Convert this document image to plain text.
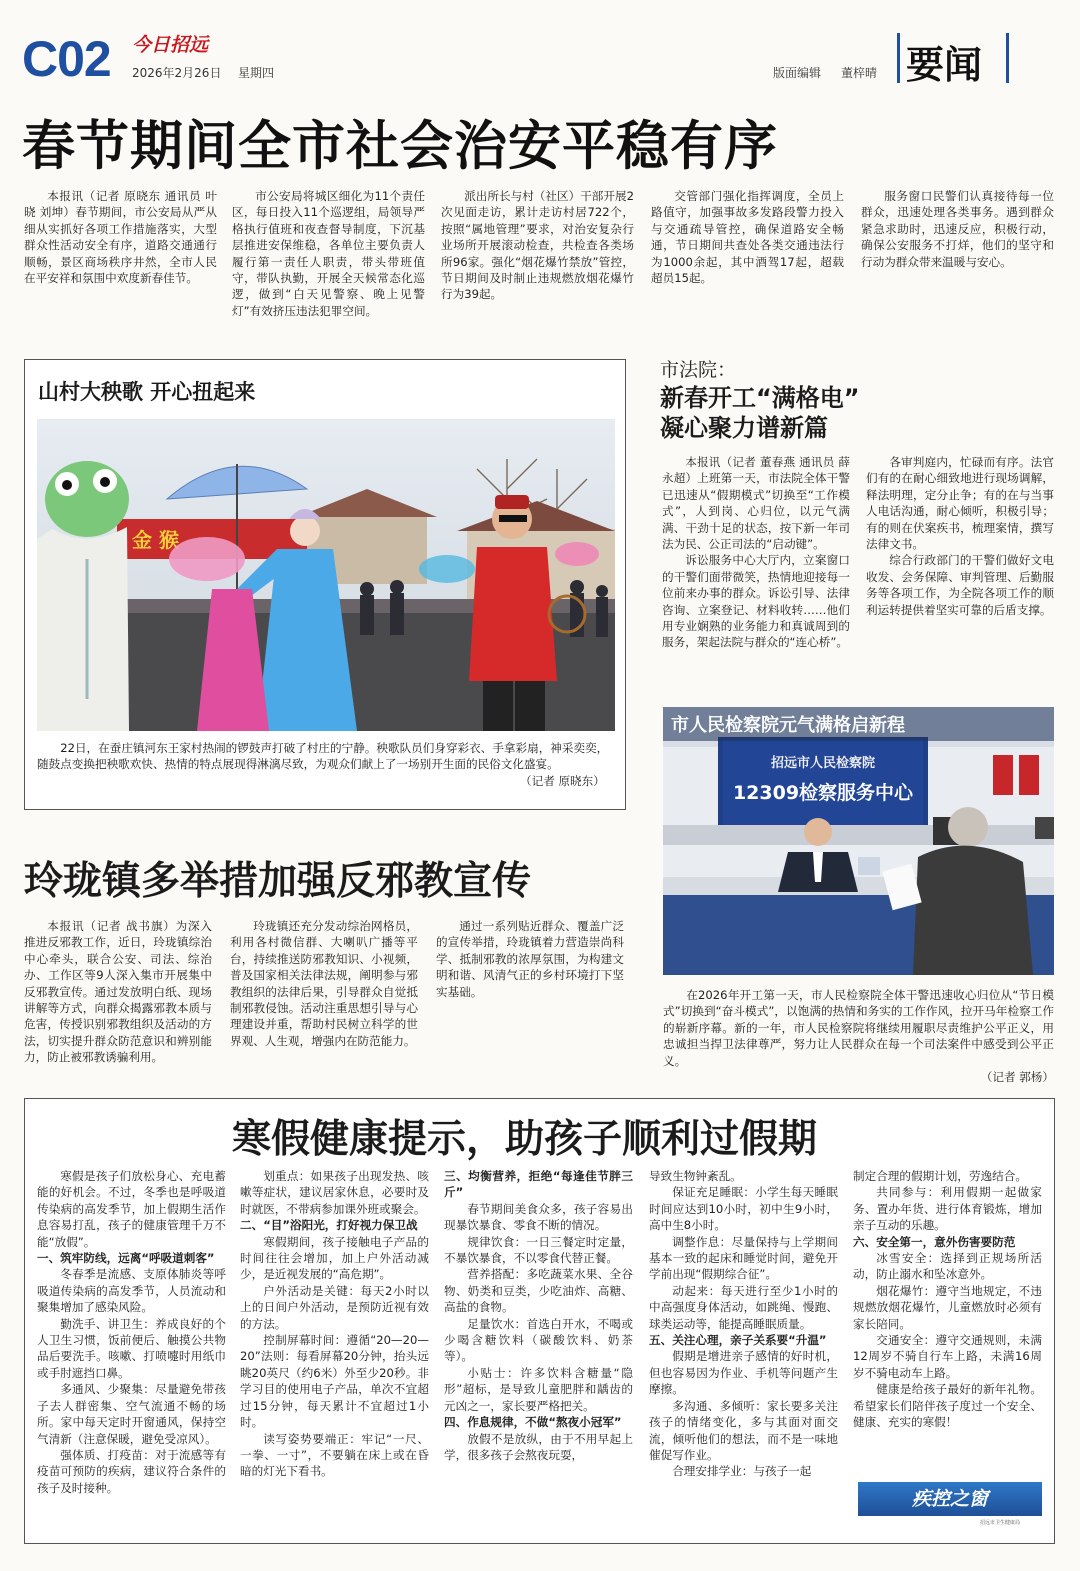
C02 今日招远
2026年2月26日 星期四	版面编辑 董梓晴 要闻
春节期间全市社会治安平稳有序

本报讯（记者 原晓东 通讯员 叶晓 刘坤）春节期间，市公安局从严从细从实抓好各项工作措施落实，大型群众性活动安全有序，道路交通通行顺畅，景区商场秩序井然，全市人民在平安祥和氛围中欢度新春佳节。

市公安局将城区细化为11个责任区，每日投入11个巡逻组，局领导严格执行值班和夜查督导制度，下沉基层推进安保维稳，各单位主要负责人履行第一责任人职责，带头带班值守，带队执勤，开展全天候常态化巡逻，做到“白天见警察、晚上见警灯”有效挤压违法犯罪空间。

派出所长与村（社区）干部开展2次见面走访，累计走访村居722个，按照“属地管理”要求，对治安复杂行业场所开展滚动检查，共检查各类场所96家。强化“烟花爆竹禁放”管控，节日期间及时制止违规燃放烟花爆竹行为39起。

交管部门强化指挥调度，全员上路值守，加强事故多发路段警力投入与交通疏导管控，确保道路安全畅通，节日期间共查处各类交通违法行为1000余起，其中酒驾17起，超载超员15起。

服务窗口民警们认真接待每一位群众，迅速处理各类事务。遇到群众紧急求助时，迅速反应，积极行动，确保公安服务不打烊，他们的坚守和行动为群众带来温暖与安心。

山村大秧歌 开心扭起来
金 猴
22日，在蚕庄镇河东王家村热闹的锣鼓声打破了村庄的宁静。秧歌队员们身穿彩衣、手拿彩扇，神采奕奕，随鼓点变换把秧歌欢快、热情的特点展现得淋漓尽致，为观众们献上了一场别开生面的民俗文化盛宴。
（记者 原晓东）
市法院：
新春开工“满格电”
凝心聚力谱新篇

本报讯（记者 董春燕 通讯员 薛永超）上班第一天，市法院全体干警已迅速从“假期模式”切换至“工作模式”，人到岗、心归位，以元气满满、干劲十足的状态，按下新一年司法为民、公正司法的“启动键”。

诉讼服务中心大厅内，立案窗口的干警们面带微笑，热情地迎接每一位前来办事的群众。诉讼引导、法律咨询、立案登记、材料收转……他们用专业娴熟的业务能力和真诚周到的服务，架起法院与群众的“连心桥”。

各审判庭内，忙碌而有序。法官们有的在耐心细致地进行现场调解，释法明理，定分止争；有的在与当事人电话沟通，耐心倾听，积极引导；有的则在伏案疾书，梳理案情，撰写法律文书。

综合行政部门的干警们做好文电收发、会务保障、审判管理、后勤服务等各项工作，为全院各项工作的顺利运转提供着坚实可靠的后盾支撑。

招远市人民检察院
12309检察服务中心
市人民检察院元气满格启新程

在2026年开工第一天，市人民检察院全体干警迅速收心归位从“节日模式”切换到“奋斗模式”，以饱满的热情和务实的工作作风，拉开马年检察工作的崭新序幕。新的一年，市人民检察院将继续用履职尽责维护公平正义，用忠诚担当捍卫法律尊严，努力让人民群众在每一个司法案件中感受到公平正义。

（记者 郭杨）
玲珑镇多举措加强反邪教宣传

本报讯（记者 战书旗）为深入推进反邪教工作，近日，玲珑镇综治中心牵头，联合公安、司法、综治办、工作区等9人深入集市开展集中反邪教宣传。通过发放明白纸、现场讲解等方式，向群众揭露邪教本质与危害，传授识别邪教组织及活动的方法，切实提升群众防范意识和辨别能力，防止被邪教诱骗利用。

玲珑镇还充分发动综治网格员，利用各村微信群、大喇叭广播等平台，持续推送防邪教知识、小视频，普及国家相关法律法规，阐明参与邪教组织的法律后果，引导群众自觉抵制邪教侵蚀。活动注重思想引导与心理建设并重，帮助村民树立科学的世界观、人生观，增强内在防范能力。

通过一系列贴近群众、覆盖广泛的宣传举措，玲珑镇着力营造崇尚科学、抵制邪教的浓厚氛围，为构建文明和谐、风清气正的乡村环境打下坚实基础。

寒假健康提示，助孩子顺利过假期

寒假是孩子们放松身心、充电蓄能的好机会。不过，冬季也是呼吸道传染病的高发季节，加上假期生活作息容易打乱，孩子的健康管理千万不能“放假”。

一、筑牢防线，远离“呼吸道刺客”

冬春季是流感、支原体肺炎等呼吸道传染病的高发季节，人员流动和聚集增加了感染风险。

勤洗手、讲卫生：养成良好的个人卫生习惯，饭前便后、触摸公共物品后要洗手。咳嗽、打喷嚏时用纸巾或手肘遮挡口鼻。

多通风、少聚集：尽量避免带孩子去人群密集、空气流通不畅的场所。家中每天定时开窗通风，保持空气清新（注意保暖，避免受凉风）。

强体质、打疫苗：对于流感等有疫苗可预防的疾病，建议符合条件的孩子及时接种。

划重点：如果孩子出现发热、咳嗽等症状，建议居家休息，必要时及时就医，不带病参加课外班或聚会。

二、“目”浴阳光，打好视力保卫战

寒假期间，孩子接触电子产品的时间往往会增加，加上户外活动减少，是近视发展的“高危期”。

户外活动是关键：每天2小时以上的日间户外活动，是预防近视有效的方法。

控制屏幕时间：遵循“20—20—20”法则：每看屏幕20分钟，抬头远眺20英尺（约6米）外至少20秒。非学习目的使用电子产品，单次不宜超过15分钟，每天累计不宜超过1小时。

读写姿势要端正：牢记“一尺、一拳、一寸”，不要躺在床上或在昏暗的灯光下看书。

三、均衡营养，拒绝“每逢佳节胖三斤”

春节期间美食众多，孩子容易出现暴饮暴食、零食不断的情况。

规律饮食：一日三餐定时定量，不暴饮暴食，不以零食代替正餐。

营养搭配：多吃蔬菜水果、全谷物、奶类和豆类，少吃油炸、高糖、高盐的食物。

足量饮水：首选白开水，不喝或少喝含糖饮料（碳酸饮料、奶茶等）。

小贴士：许多饮料含糖量“隐形”超标，是导致儿童肥胖和龋齿的元凶之一，家长要严格把关。

四、作息规律，不做“熬夜小冠军”

放假不是放纵，由于不用早起上学，很多孩子会熬夜玩耍，

导致生物钟紊乱。

保证充足睡眠：小学生每天睡眠时间应达到10小时，初中生9小时，高中生8小时。

调整作息：尽量保持与上学期间基本一致的起床和睡觉时间，避免开学前出现“假期综合征”。

动起来：每天进行至少1小时的中高强度身体活动，如跳绳、慢跑、球类运动等，能提高睡眠质量。

五、关注心理，亲子关系要“升温”

假期是增进亲子感情的好时机，但也容易因为作业、手机等问题产生摩擦。

多沟通、多倾听：家长要多关注孩子的情绪变化，多与其面对面交流，倾听他们的想法，而不是一味地催促写作业。

合理安排学业：与孩子一起

制定合理的假期计划，劳逸结合。

共同参与：利用假期一起做家务、置办年货、进行体育锻炼，增加亲子互动的乐趣。

六、安全第一，意外伤害要防范

冰雪安全：选择到正规场所活动，防止溺水和坠冰意外。

烟花爆竹：遵守当地规定，不违规燃放烟花爆竹，儿童燃放时必须有家长陪同。

交通安全：遵守交通规则，未满12周岁不骑自行车上路，未满16周岁不骑电动车上路。

健康是给孩子最好的新年礼物。希望家长们陪伴孩子度过一个安全、健康、充实的寒假！

疾控之窗
招远市卫生健康局
